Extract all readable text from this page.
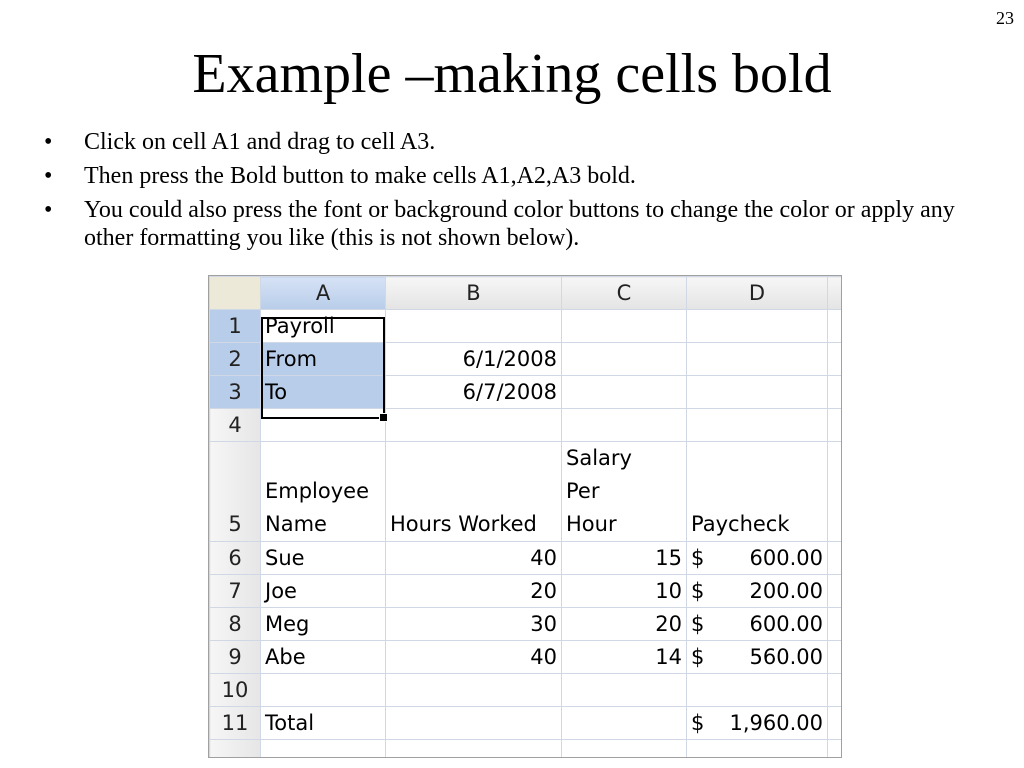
23
Example –making cells bold
• Click on cell A1 and drag to cell A3.
• Then press the Bold button to make cells A1,A2,A3 bold.
• You could also press the font or background color buttons to change the color or apply any other formatting you like (this is not shown below).
	A	B	C	D	
1	Payroll				
2	From	6/1/2008			
3	To	6/7/2008			
4					
5	Employee Name	Hours Worked	Salary Per Hour	Paycheck	
6	Sue	40	15	$ 600.00	

7	Joe	20	10	$ 200.00	

8	Meg	30	20	$ 600.00	

9	Abe	40	14	$ 560.00	

10					
11	Total			$ 1,960.00	
